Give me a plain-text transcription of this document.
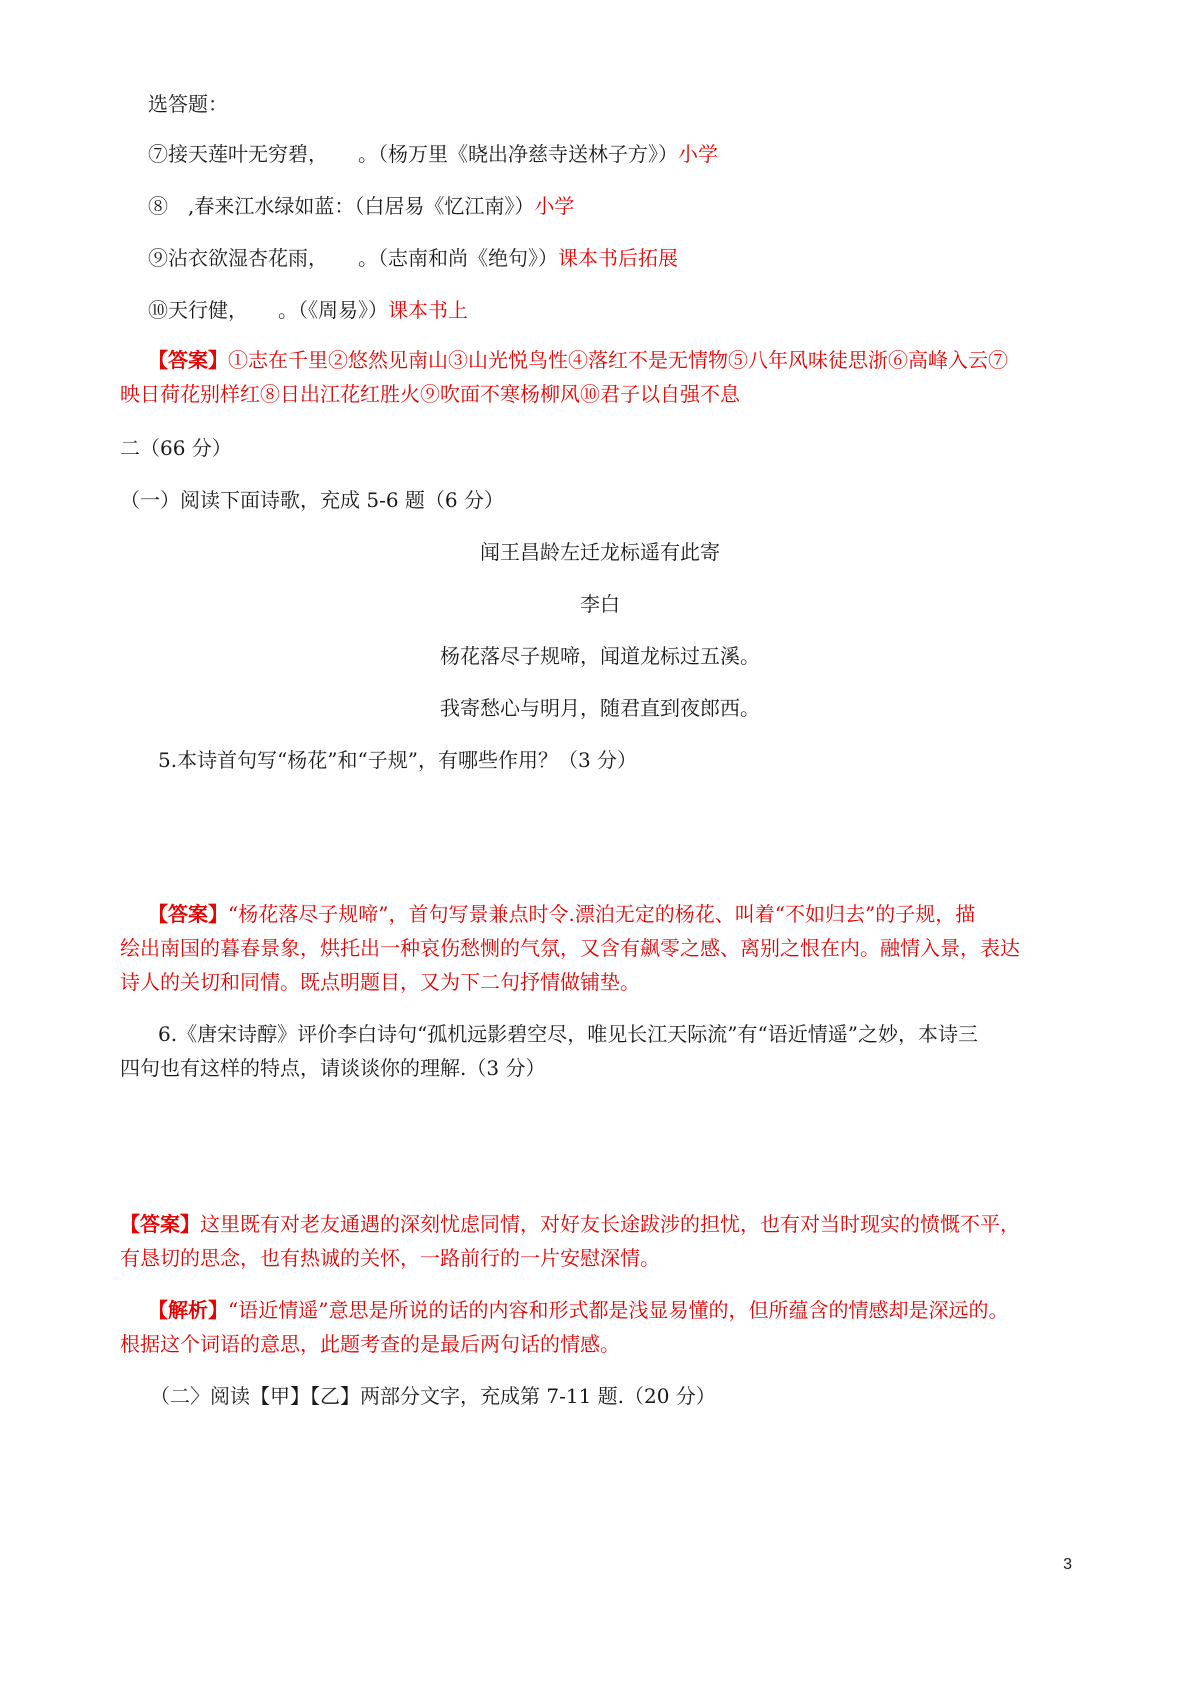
选答题：
⑦接天莲叶无穷碧，　　。（杨万里《晓出净慈寺送林子方》）小学
⑧　,春来江水绿如蓝：（白居易《忆江南》）小学
⑨沾衣欲湿杏花雨，　　。（志南和尚《绝句》）课本书后拓展
⑩天行健，　　。（《周易》）课本书上
【答案】①志在千里②悠然见南山③山光悦鸟性④落红不是无情物⑤八年风味徒思浙⑥高峰入云⑦
映日荷花别样红⑧日出江花红胜火⑨吹面不寒杨柳风⑩君子以自强不息
二（66 分）
（一）阅读下面诗歌，充成 5-6 题（6 分）
闻王昌龄左迁龙标遥有此寄
李白
杨花落尽子规啼，闻道龙标过五溪。
我寄愁心与明月，随君直到夜郎西。
5.本诗首句写“杨花”和“子规”，有哪些作用？（3 分）
【答案】“杨花落尽子规啼”，首句写景兼点时令.漂泊无定的杨花、叫着“不如归去”的子规，描
绘出南国的暮春景象，烘托出一种哀伤愁恻的气氛，又含有飙零之感、离别之恨在内。融情入景，表达
诗人的关切和同情。既点明题目，又为下二句抒情做铺垫。
6.《唐宋诗醇》评价李白诗句“孤机远影碧空尽，唯见长江天际流”有“语近情遥”之妙，本诗三
四句也有这样的特点，请谈谈你的理解.（3 分）
【答案】这里既有对老友通遇的深刻忧虑同情，对好友长途跋涉的担忧，也有对当时现实的愤慨不平，
有恳切的思念，也有热诚的关怀，一路前行的一片安慰深情。
【解析】“语近情遥”意思是所说的话的内容和形式都是浅显易懂的，但所蕴含的情感却是深远的。
根据这个词语的意思，此题考查的是最后两句话的情感。
（二〉阅读【甲】【乙】两部分文字，充成第 7-11 题.（20 分）
3
